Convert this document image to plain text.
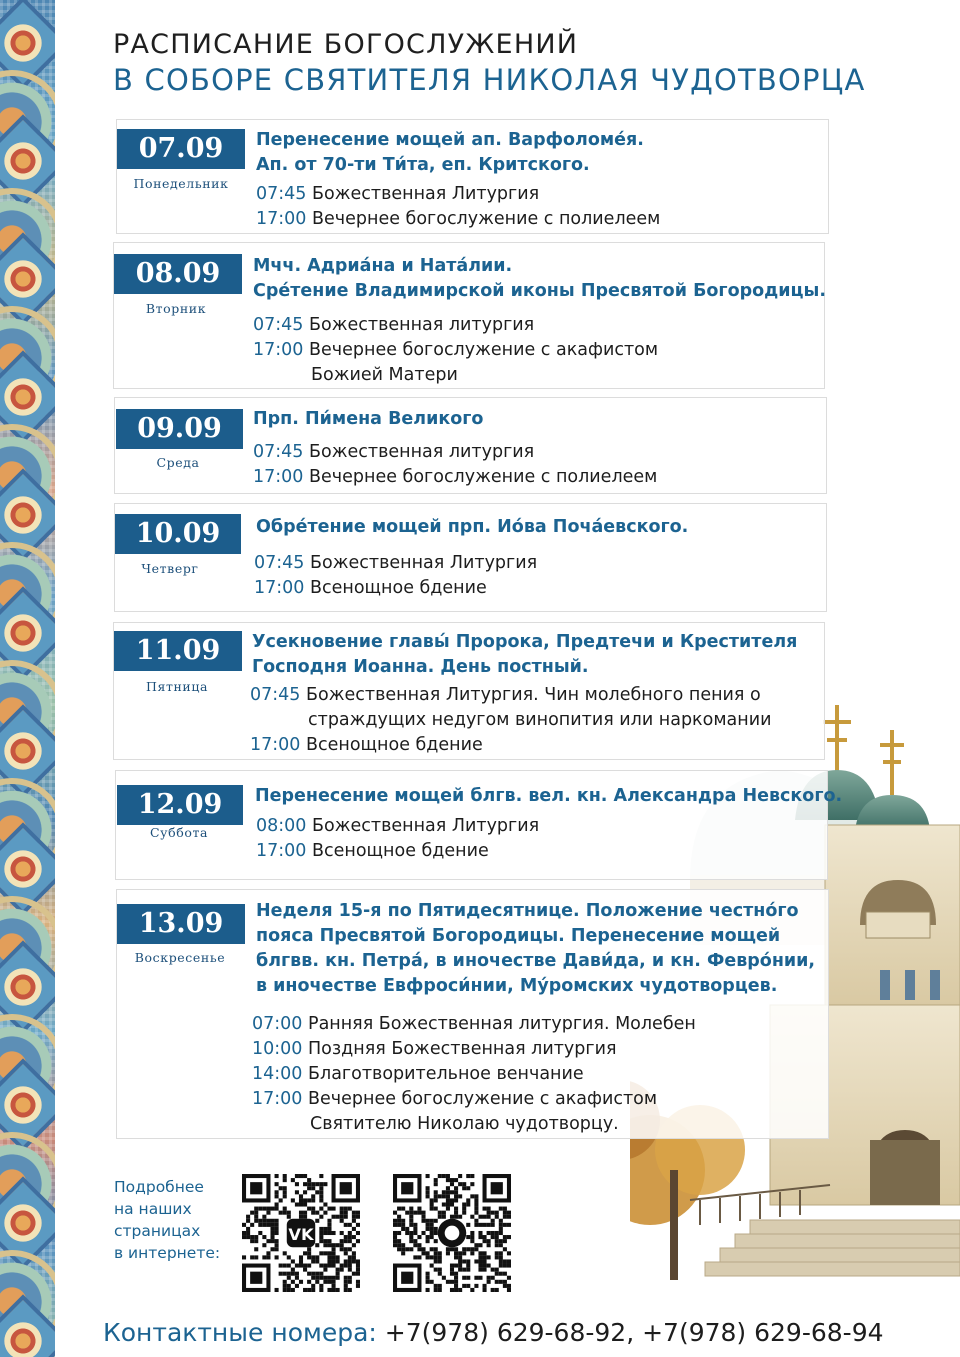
РАСПИСАНИЕ БОГОСЛУЖЕНИЙ
В СОБОРЕ СВЯТИТЕЛЯ НИКОЛАЯ ЧУДОТВОРЦА
07.09
Понедельник
Перенесение мощей ап. Варфоломе́я.
Ап. от 70-ти Ти́та, еп. Критского.
07:45 Божественная Литургия
17:00 Вечернее богослужение с полиелеем
08.09
Вторник
Мчч. Адриа́на и Ната́лии.
Сре́тение Владимирской иконы Пресвятой Богородицы.
07:45 Божественная литургия
17:00 Вечернее богослужение с акафистом
Божией Матери
09.09
Среда
Прп. Пи́мена Великого
07:45 Божественная литургия
17:00 Вечернее богослужение с полиелеем
10.09
Четверг
Обре́тение мощей прп. Ио́ва Поча́евского.
07:45 Божественная Литургия
17:00 Всенощное бдение
11.09
Пятница
Усекновение главы́ Пророка, Предтечи и Крестителя
Господня Иоанна. День постный.
07:45 Божественная Литургия. Чин молебного пения о
страждущих недугом винопития или наркомании
17:00 Всенощное бдение
12.09
Суббота
Перенесение мощей блгв. вел. кн. Александра Невского.
08:00 Божественная Литургия
17:00 Всенощное бдение
13.09
Воскресенье
Неделя 15-я по Пятидесятнице. Положение честно́го
пояса Пресвятой Богородицы. Перенесение мощей
блгвв. кн. Петра́, в иночестве Дави́да, и кн. Февро́нии,
в иночестве Евфроси́нии, Му́ромских чудотворцев.
07:00 Ранняя Божественная литургия. Молебен
10:00 Поздняя Божественная литургия
14:00 Благотворительное венчание
17:00 Вечернее богослужение с акафистом
Святителю Николаю чудотворцу.
Подробнее
на наших
страницах
в интернете:
VK
Контактные номера: +7(978) 629-68-92, +7(978) 629-68-94
